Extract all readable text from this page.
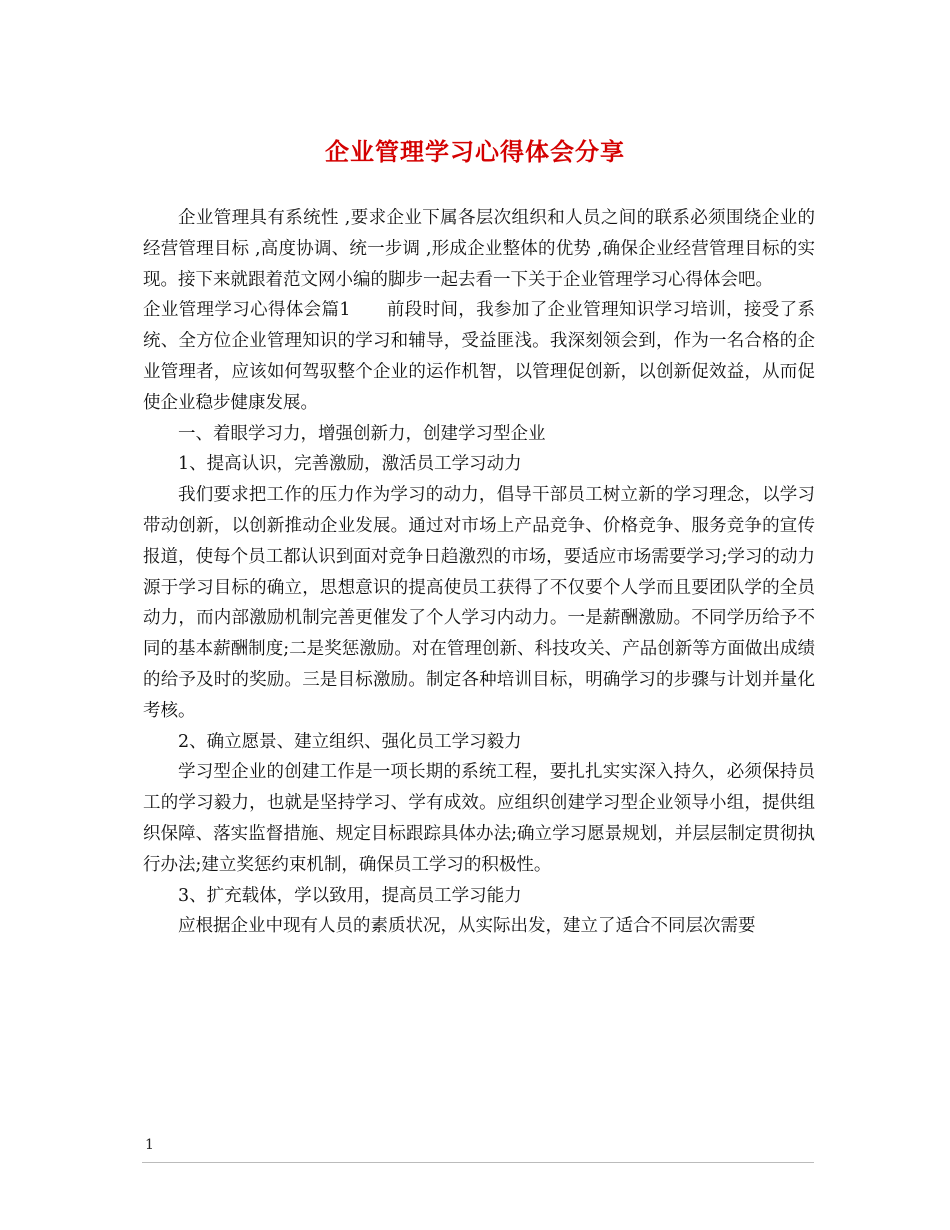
企业管理学习心得体会分享

企业管理具有系统性 ,要求企业下属各层次组织和人员之间的联系必须围绕企业的经营管理目标 ,高度协调、统一步调 ,形成企业整体的优势 ,确保企业经营管理目标的实现。接下来就跟着范文网小编的脚步一起去看一下关于企业管理学习心得体会吧。

企业管理学习心得体会篇1 前段时间，我参加了企业管理知识学习培训，接受了系统、全方位企业管理知识的学习和辅导，受益匪浅。我深刻领会到，作为一名合格的企业管理者，应该如何驾驭整个企业的运作机智，以管理促创新，以创新促效益，从而促使企业稳步健康发展。

一、着眼学习力，增强创新力，创建学习型企业

1、提高认识，完善激励，激活员工学习动力

我们要求把工作的压力作为学习的动力，倡导干部员工树立新的学习理念，以学习带动创新，以创新推动企业发展。通过对市场上产品竞争、价格竞争、服务竞争的宣传报道，使每个员工都认识到面对竞争日趋激烈的市场，要适应市场需要学习;学习的动力源于学习目标的确立，思想意识的提高使员工获得了不仅要个人学而且要团队学的全员动力，而内部激励机制完善更催发了个人学习内动力。一是薪酬激励。不同学历给予不同的基本薪酬制度;二是奖惩激励。对在管理创新、科技攻关、产品创新等方面做出成绩的给予及时的奖励。三是目标激励。制定各种培训目标，明确学习的步骤与计划并量化考核。

2、确立愿景、建立组织、强化员工学习毅力

学习型企业的创建工作是一项长期的系统工程，要扎扎实实深入持久，必须保持员工的学习毅力，也就是坚持学习、学有成效。应组织创建学习型企业领导小组，提供组织保障、落实监督措施、规定目标跟踪具体办法;确立学习愿景规划，并层层制定贯彻执行办法;建立奖惩约束机制，确保员工学习的积极性。

3、扩充载体，学以致用，提高员工学习能力

应根据企业中现有人员的素质状况，从实际出发，建立了适合不同层次需要

1
